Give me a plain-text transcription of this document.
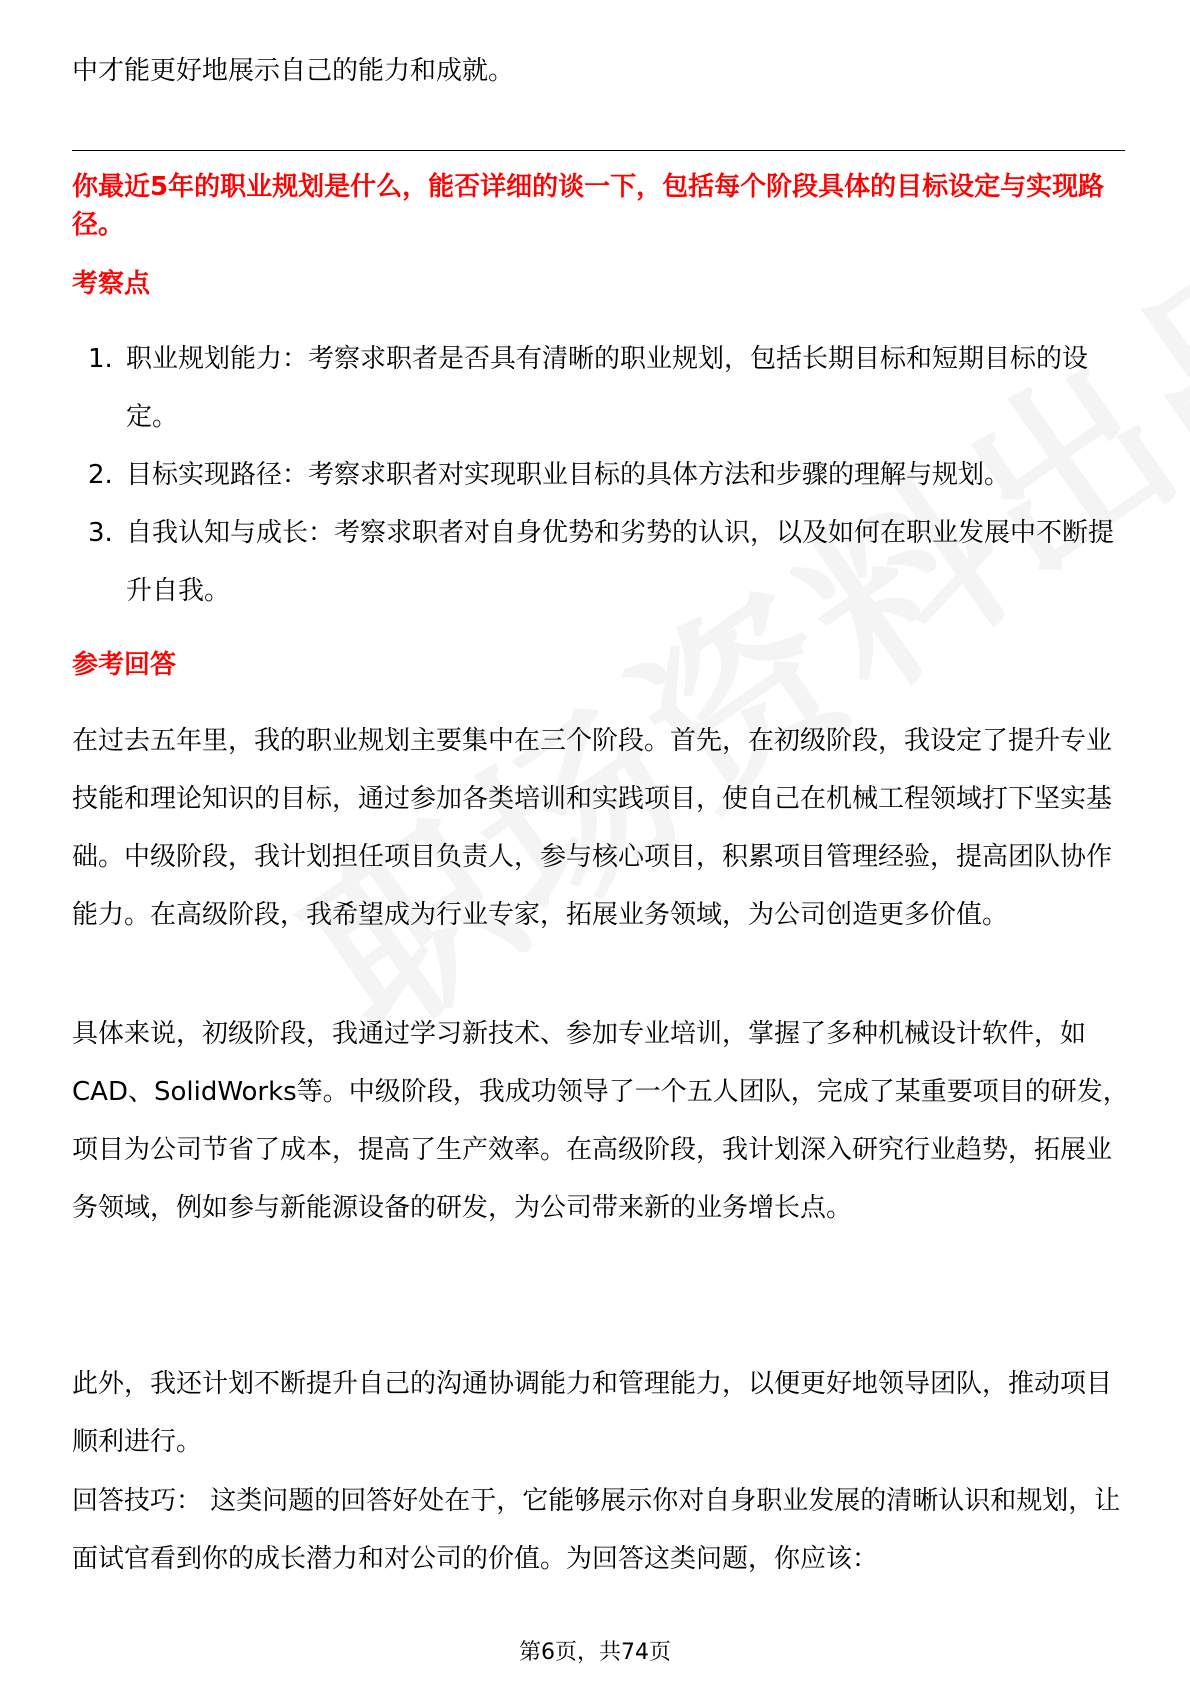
中才能更好地展示自己的能力和成就。

你最近5年的职业规划是什么，能否详细的谈一下，包括每个阶段具体的目标设定与实现路径。

考察点

1. 职业规划能力：考察求职者是否具有清晰的职业规划，包括长期目标和短期目标的设定。
2. 目标实现路径：考察求职者对实现职业目标的具体方法和步骤的理解与规划。
3. 自我认知与成长：考察求职者对自身优势和劣势的认识，以及如何在职业发展中不断提升自我。

参考回答

在过去五年里，我的职业规划主要集中在三个阶段。首先，在初级阶段，我设定了提升专业技能和理论知识的目标，通过参加各类培训和实践项目，使自己在机械工程领域打下坚实基础。中级阶段，我计划担任项目负责人，参与核心项目，积累项目管理经验，提高团队协作能力。在高级阶段，我希望成为行业专家，拓展业务领域，为公司创造更多价值。

具体来说，初级阶段，我通过学习新技术、参加专业培训，掌握了多种机械设计软件，如CAD、SolidWorks等。中级阶段，我成功领导了一个五人团队，完成了某重要项目的研发，项目为公司节省了成本，提高了生产效率。在高级阶段，我计划深入研究行业趋势，拓展业务领域，例如参与新能源设备的研发，为公司带来新的业务增长点。

此外，我还计划不断提升自己的沟通协调能力和管理能力，以便更好地领导团队，推动项目顺利进行。

回答技巧： 这类问题的回答好处在于，它能够展示你对自身职业发展的清晰认识和规划，让面试官看到你的成长潜力和对公司的价值。为回答这类问题，你应该：

第6页，共74页
